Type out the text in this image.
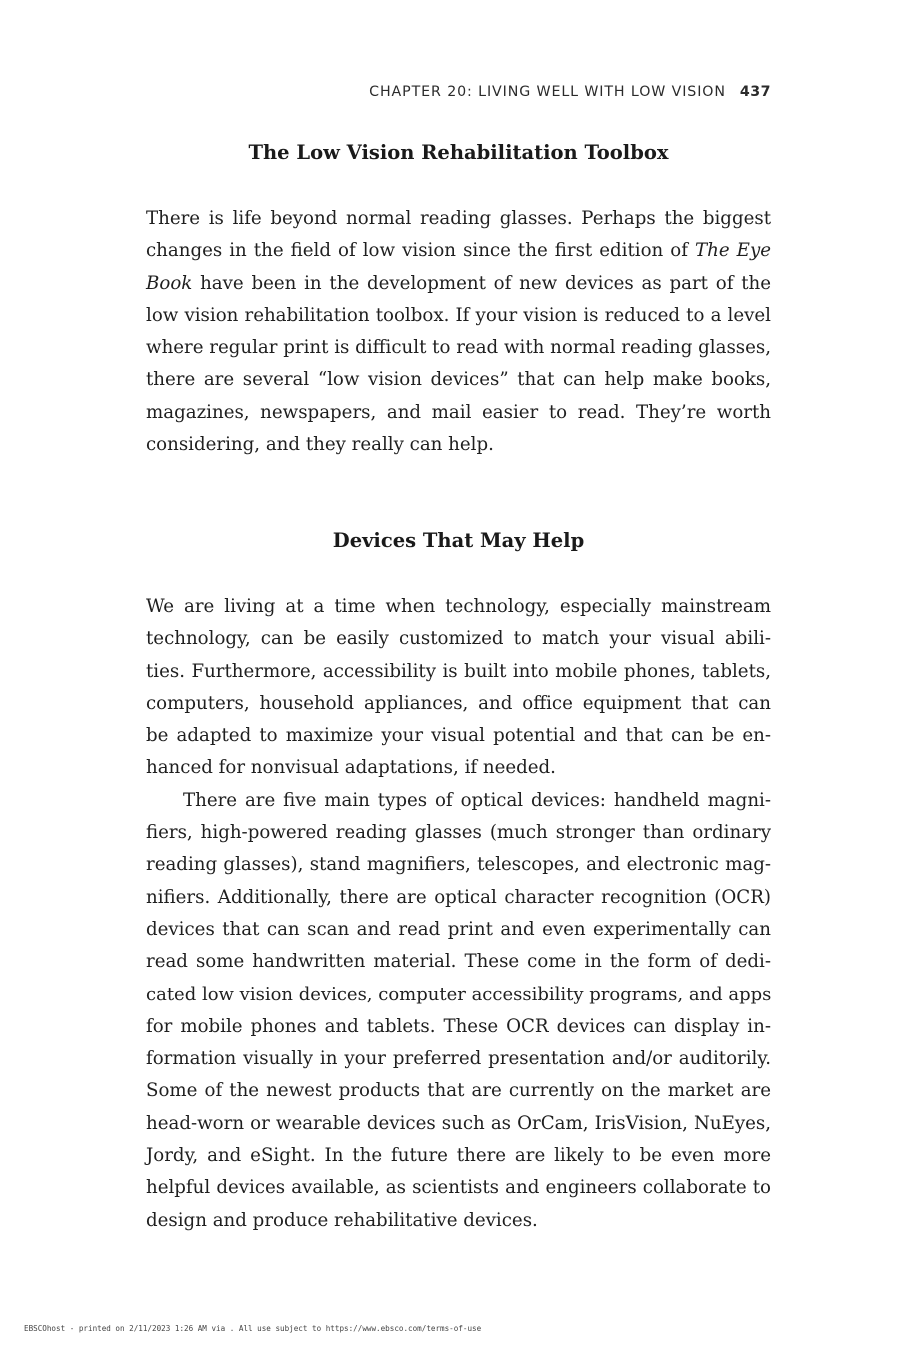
CHAPTER 20: LIVING WELL WITH LOW VISION 437
The Low Vision Rehabilitation Toolbox

There is life beyond normal reading glasses. Perhaps the biggest
changes in the field of low vision since the first edition of The Eye
Book have been in the development of new devices as part of the
low vision rehabilitation toolbox. If your vision is reduced to a level
where regular print is difficult to read with normal reading glasses,
there are several “low vision devices” that can help make books,
magazines, newspapers, and mail easier to read. They’re worth
considering, and they really can help.

Devices That May Help

We are living at a time when technology, especially mainstream
technology, can be easily customized to match your visual abili-
ties. Furthermore, accessibility is built into mobile phones, tablets,
computers, household appliances, and office equipment that can
be adapted to maximize your visual potential and that can be en-
hanced for nonvisual adaptations, if needed.

There are five main types of optical devices: handheld magni-
fiers, high-powered reading glasses (much stronger than ordinary
reading glasses), stand magnifiers, telescopes, and electronic mag-
nifiers. Additionally, there are optical character recognition (OCR)
devices that can scan and read print and even experimentally can
read some handwritten material. These come in the form of dedi-
cated low vision devices, computer accessibility programs, and apps
for mobile phones and tablets. These OCR devices can display in-
formation visually in your preferred presentation and/or auditorily.
Some of the newest products that are currently on the market are
head-worn or wearable devices such as OrCam, IrisVision, NuEyes,
Jordy, and eSight. In the future there are likely to be even more
helpful devices available, as scientists and engineers collaborate to
design and produce rehabilitative devices.

EBSCOhost - printed on 2/11/2023 1:26 AM via . All use subject to https://www.ebsco.com/terms-of-use
